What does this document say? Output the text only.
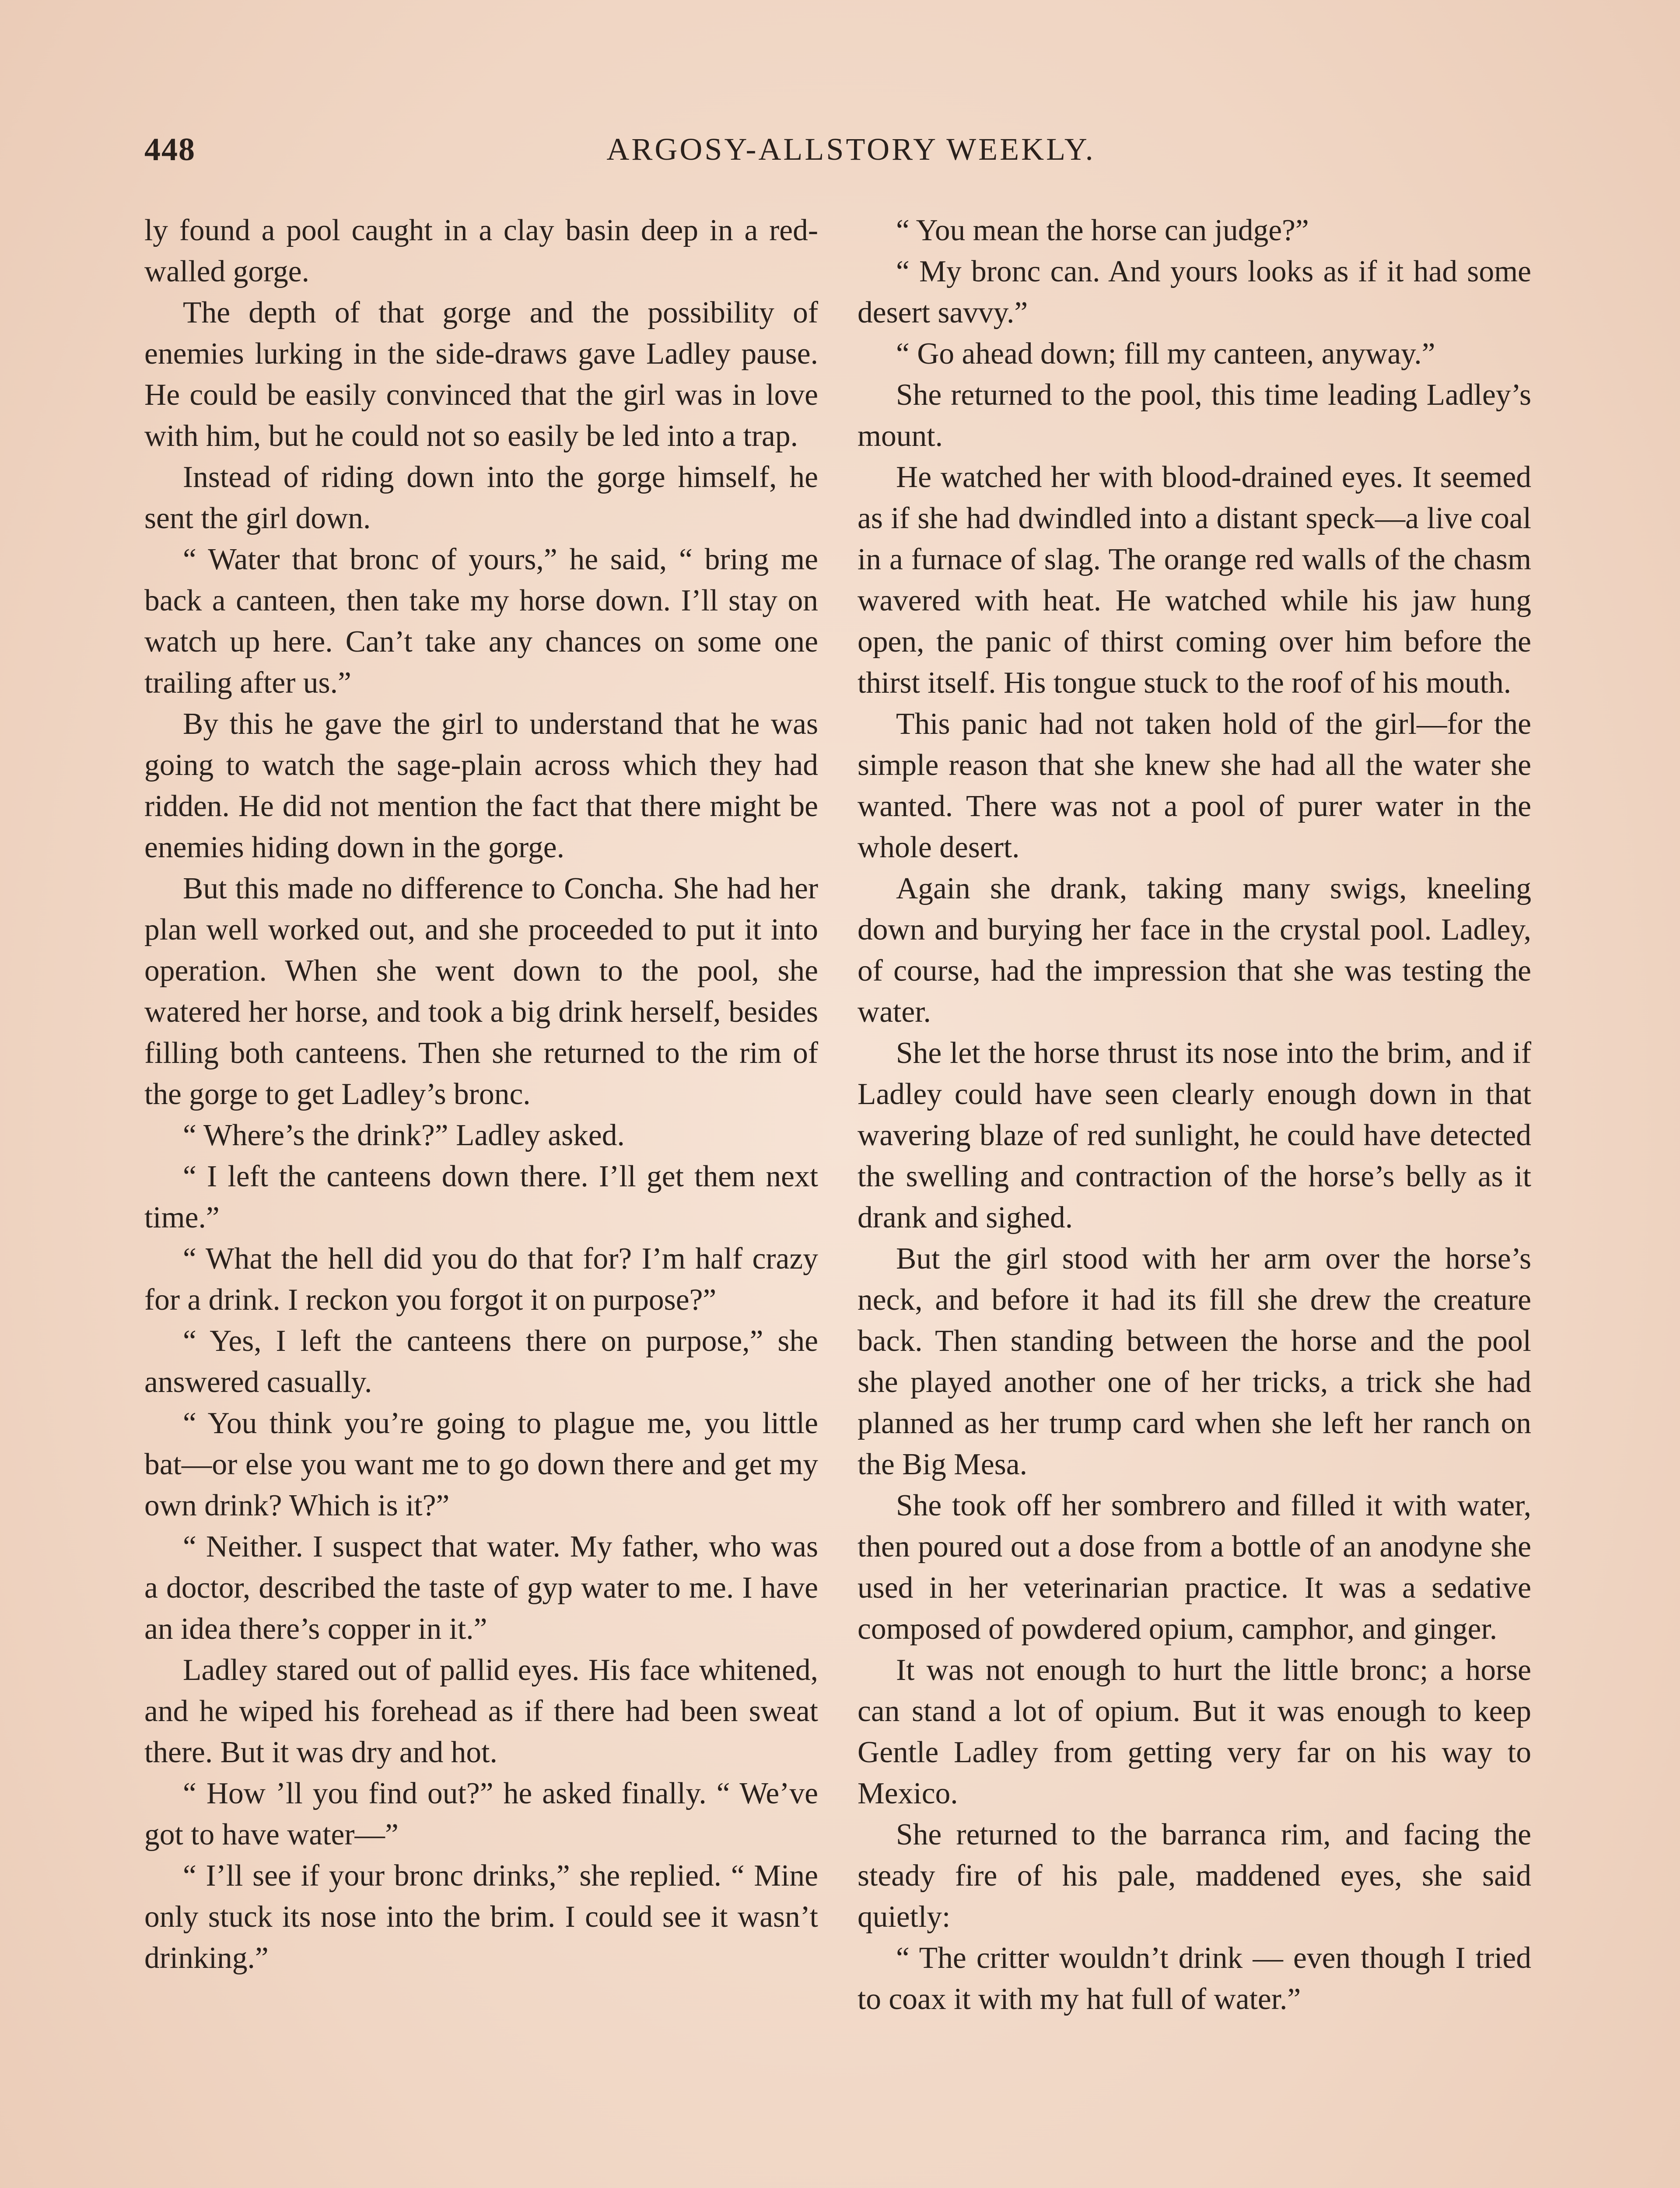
448	ARGOSY-ALLSTORY WEEKLY.

ly found a pool caught in a clay basin deep in a red-walled gorge.

The depth of that gorge and the possibility of enemies lurking in the side-draws gave Ladley pause. He could be easily convinced that the girl was in love with him, but he could not so easily be led into a trap.

Instead of riding down into the gorge himself, he sent the girl down.

“ Water that bronc of yours,” he said, “ bring me back a canteen, then take my horse down. I’ll stay on watch up here. Can’t take any chances on some one trailing after us.”

By this he gave the girl to understand that he was going to watch the sage-plain across which they had ridden. He did not mention the fact that there might be enemies hiding down in the gorge.

But this made no difference to Concha. She had her plan well worked out, and she proceeded to put it into operation. When she went down to the pool, she watered her horse, and took a big drink herself, besides filling both canteens. Then she returned to the rim of the gorge to get Ladley’s bronc.

“ Where’s the drink?” Ladley asked.

“ I left the canteens down there. I’ll get them next time.”

“ What the hell did you do that for? I’m half crazy for a drink. I reckon you forgot it on purpose?”

“ Yes, I left the canteens there on purpose,” she answered casually.

“ You think you’re going to plague me, you little bat—or else you want me to go down there and get my own drink? Which is it?”

“ Neither. I suspect that water. My father, who was a doctor, described the taste of gyp water to me. I have an idea there’s copper in it.”

Ladley stared out of pallid eyes. His face whitened, and he wiped his forehead as if there had been sweat there. But it was dry and hot.

“ How ’ll you find out?” he asked finally. “ We’ve got to have water—”

“ I’ll see if your bronc drinks,” she replied. “ Mine only stuck its nose into the brim. I could see it wasn’t drinking.”

“ You mean the horse can judge?”

“ My bronc can. And yours looks as if it had some desert savvy.”

“ Go ahead down; fill my canteen, anyway.”

She returned to the pool, this time leading Ladley’s mount.

He watched her with blood-drained eyes. It seemed as if she had dwindled into a distant speck—a live coal in a furnace of slag. The orange red walls of the chasm wavered with heat. He watched while his jaw hung open, the panic of thirst coming over him before the thirst itself. His tongue stuck to the roof of his mouth.

This panic had not taken hold of the girl—for the simple reason that she knew she had all the water she wanted. There was not a pool of purer water in the whole desert.

Again she drank, taking many swigs, kneeling down and burying her face in the crystal pool. Ladley, of course, had the impression that she was testing the water.

She let the horse thrust its nose into the brim, and if Ladley could have seen clearly enough down in that wavering blaze of red sunlight, he could have detected the swelling and contraction of the horse’s belly as it drank and sighed.

But the girl stood with her arm over the horse’s neck, and before it had its fill she drew the creature back. Then standing between the horse and the pool she played another one of her tricks, a trick she had planned as her trump card when she left her ranch on the Big Mesa.

She took off her sombrero and filled it with water, then poured out a dose from a bottle of an anodyne she used in her veterinarian practice. It was a sedative composed of powdered opium, camphor, and ginger.

It was not enough to hurt the little bronc; a horse can stand a lot of opium. But it was enough to keep Gentle Ladley from getting very far on his way to Mexico.

She returned to the barranca rim, and facing the steady fire of his pale, maddened eyes, she said quietly:

“ The critter wouldn’t drink — even though I tried to coax it with my hat full of water.”
